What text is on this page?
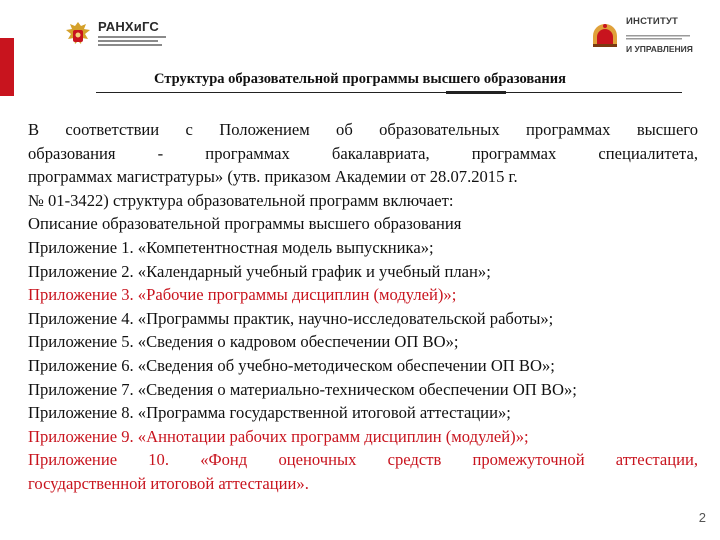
РАНХиГС	ИНСТИТУТ
И УПРАВЛЕНИЯ
Структура образовательной программы высшего образования

В соответствии с Положением об образовательных программах высшего

образования - программах бакалавриата, программах специалитета,

программах магистратуры» (утв. приказом Академии от 28.07.2015 г.

№ 01-3422) структура образовательной программ включает:

Описание образовательной программы высшего образования

Приложение 1. «Компетентностная модель выпускника»;

Приложение 2. «Календарный учебный график и учебный план»;

Приложение 3. «Рабочие программы дисциплин (модулей)»;

Приложение 4. «Программы практик, научно-исследовательской работы»;

Приложение 5. «Сведения о кадровом обеспечении ОП ВО»;

Приложение 6. «Сведения об учебно-методическом обеспечении ОП ВО»;

Приложение 7. «Сведения о материально-техническом обеспечении ОП ВО»;

Приложение 8. «Программа государственной итоговой аттестации»;

Приложение 9. «Аннотации рабочих программ дисциплин (модулей)»;

Приложение 10. «Фонд оценочных средств промежуточной аттестации,

государственной итоговой аттестации».

2
